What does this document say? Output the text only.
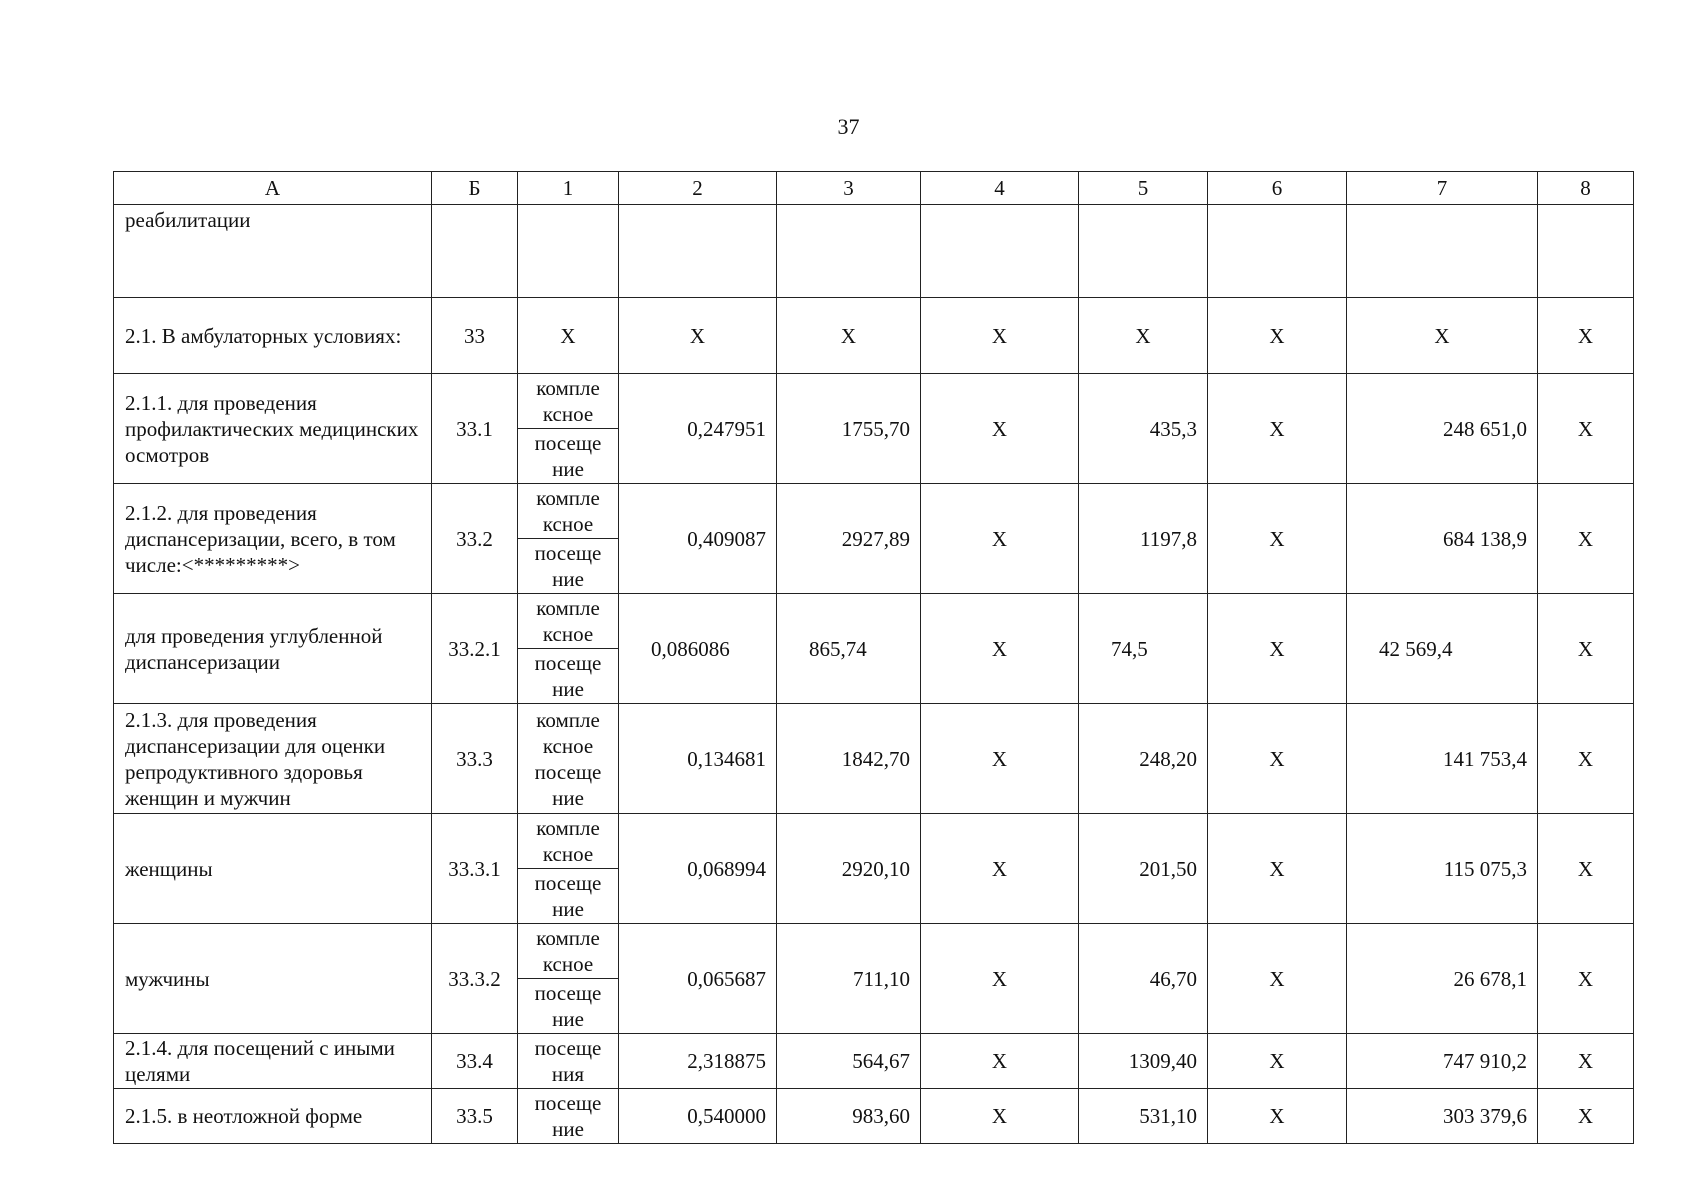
37
А	Б	1	2	3	4	5	6	7	8
реабилитации									
2.1. В амбулаторных условиях:	33	X	X	X	X	X	X	X	X
2.1.1. для проведения профилактических медицинских осмотров	33.1	компле
ксное
посеще
ние	0,247951	1755,70	X	435,3	X	248 651,0	X
2.1.2. для проведения диспансеризации, всего, в том числе:<*********>	33.2	компле
ксное
посеще
ние	0,409087	2927,89	X	1197,8	X	684 138,9	X
для проведения углубленной диспансеризации	33.2.1	компле
ксное
посеще
ние	0,086086	865,74	X	74,5	X	42 569,4	X
2.1.3. для проведения диспансеризации для оценки репродуктивного здоровья женщин и мужчин	33.3	компле
ксное
посеще
ние	0,134681	1842,70	X	248,20	X	141 753,4	X
женщины	33.3.1	компле
ксное
посеще
ние	0,068994	2920,10	X	201,50	X	115 075,3	X
мужчины	33.3.2	компле
ксное
посеще
ние	0,065687	711,10	X	46,70	X	26 678,1	X
2.1.4. для посещений с иными целями	33.4	посеще
ния	2,318875	564,67	X	1309,40	X	747 910,2	X
2.1.5. в неотложной форме	33.5	посеще
ние	0,540000	983,60	X	531,10	X	303 379,6	X
